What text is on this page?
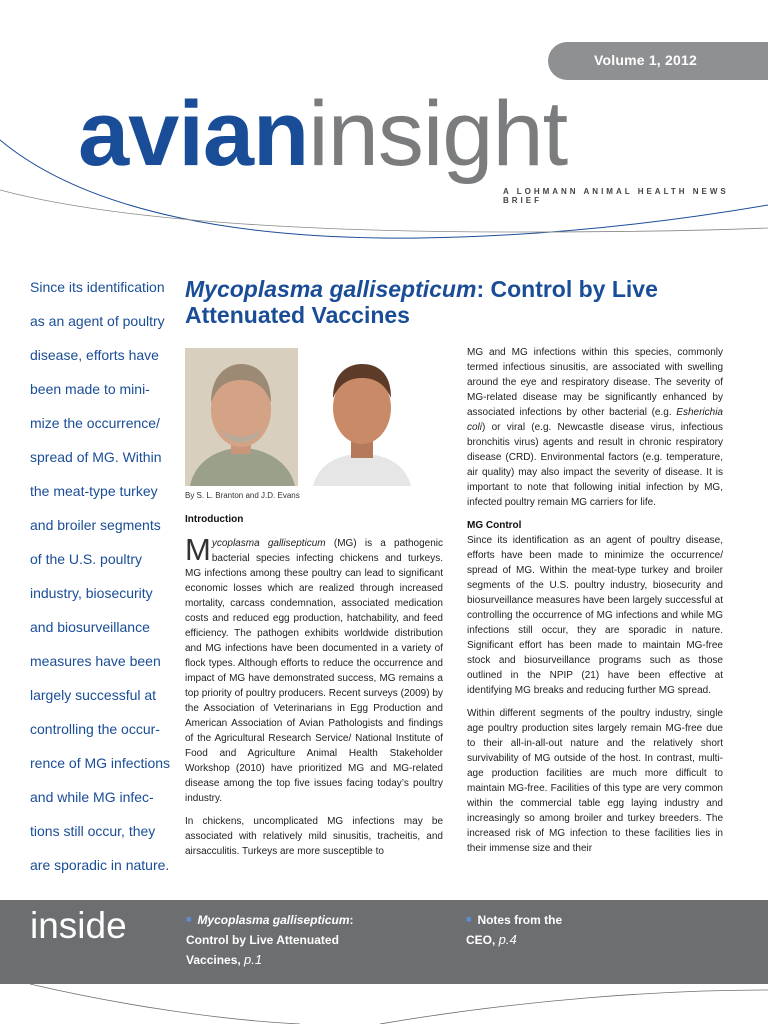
Volume 1, 2012
avianinsight
A LOHMANN ANIMAL HEALTH NEWS BRIEF
Since its identification as an agent of poultry disease, efforts have been made to mini-mize the occurrence/ spread of MG. Within the meat-type turkey and broiler segments of the U.S. poultry industry, biosecurity and biosurveillance measures have been largely successful at controlling the occur-rence of MG infections and while MG infec-tions still occur, they are sporadic in nature.
Mycoplasma gallisepticum: Control by Live Attenuated Vaccines
By S. L. Branton and J.D. Evans
Introduction

Mycoplasma gallisepticum (MG) is a pathogenic bacterial species infecting chickens and turkeys. MG infections among these poultry can lead to significant economic losses which are realized through increased mortality, carcass condemnation, associated medication costs and reduced egg production, hatchability, and feed efficiency. The pathogen exhibits worldwide distribution and MG infections have been documented in a variety of flock types. Although efforts to reduce the occurrence and impact of MG have demonstrated success, MG remains a top priority of poultry producers. Recent surveys (2009) by the Association of Veterinarians in Egg Production and American Association of Avian Pathologists and findings of the Agricultural Research Service/ National Institute of Food and Agriculture Animal Health Stakeholder Workshop (2010) have prioritized MG and MG-related disease among the top five issues facing today’s poultry industry.

In chickens, uncomplicated MG infections may be associated with relatively mild sinusitis, tracheitis, and airsacculitis. Turkeys are more susceptible to

MG and MG infections within this species, commonly termed infectious sinusitis, are associated with swelling around the eye and respiratory disease. The severity of MG-related disease may be significantly enhanced by associated infections by other bacterial (e.g. Esherichia coli) or viral (e.g. Newcastle disease virus, infectious bronchitis virus) agents and result in chronic respiratory disease (CRD). Environmental factors (e.g. temperature, air quality) may also impact the severity of disease. It is important to note that following initial infection by MG, infected poultry remain MG carriers for life.

MG Control

Since its identification as an agent of poultry disease, efforts have been made to minimize the occurrence/ spread of MG. Within the meat-type turkey and broiler segments of the U.S. poultry industry, biosecurity and biosurveillance measures have been largely successful at controlling the occurrence of MG infections and while MG infections still occur, they are sporadic in nature. Significant effort has been made to maintain MG-free stock and biosurveillance programs such as those outlined in the NPIP (21) have been effective at identifying MG breaks and reducing further MG spread.

Within different segments of the poultry industry, single age poultry production sites largely remain MG-free due to their all-in-all-out nature and the relatively short survivability of MG outside of the host. In contrast, multi-age production facilities are much more difficult to maintain MG-free. Facilities of this type are very common within the commercial table egg laying industry and increasingly so among broiler and turkey breeders. The increased risk of MG infection to these facilities lies in their immense size and their

inside	■ Mycoplasma gallisepticum: Control by Live Attenuated Vaccines, p.1
■ Notes from the CEO, p.4
